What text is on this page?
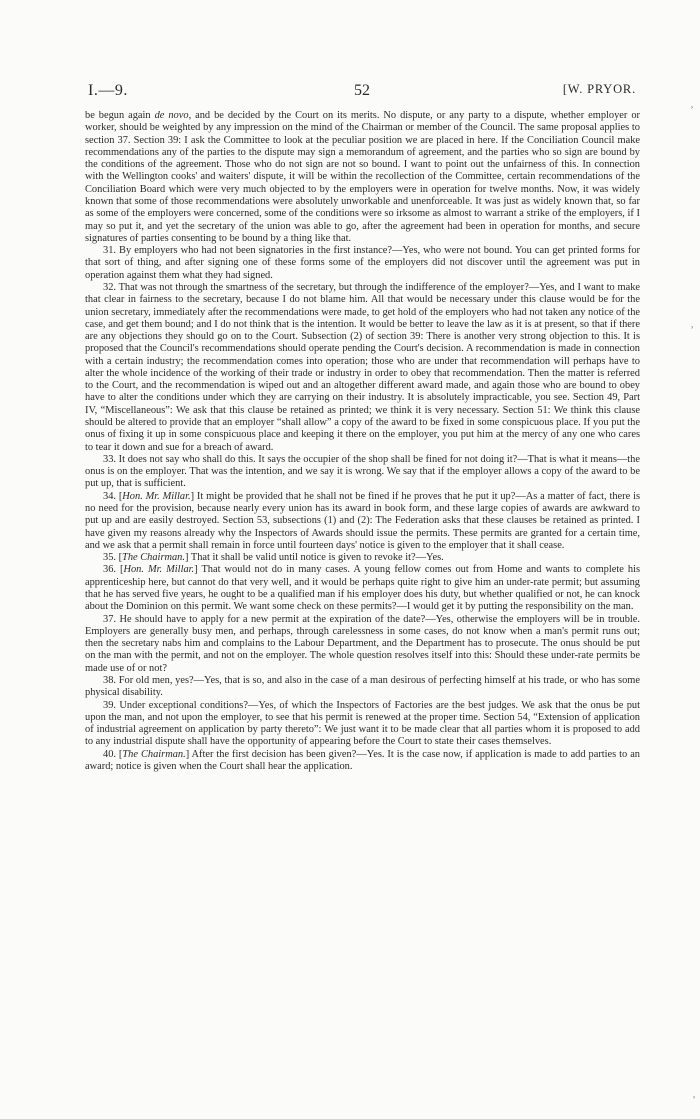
I.—9.	52	[W. PRYOR.

be begun again de novo, and be decided by the Court on its merits. No dispute, or any party to a dispute, whether employer or worker, should be weighted by any impression on the mind of the Chairman or member of the Council. The same proposal applies to section 37. Section 39: I ask the Committee to look at the peculiar position we are placed in here. If the Conciliation Council make recommendations any of the parties to the dispute may sign a memorandum of agreement, and the parties who so sign are bound by the conditions of the agreement. Those who do not sign are not so bound. I want to point out the unfairness of this. In connection with the Wellington cooks' and waiters' dispute, it will be within the recollection of the Committee, certain recommendations of the Conciliation Board which were very much objected to by the employers were in operation for twelve months. Now, it was widely known that some of those recommendations were absolutely unworkable and unenforceable. It was just as widely known that, so far as some of the employers were concerned, some of the conditions were so irksome as almost to warrant a strike of the employers, if I may so put it, and yet the secretary of the union was able to go, after the agreement had been in operation for months, and secure signatures of parties consenting to be bound by a thing like that.

31. By employers who had not been signatories in the first instance?—Yes, who were not bound. You can get printed forms for that sort of thing, and after signing one of these forms some of the employers did not discover until the agreement was put in operation against them what they had signed.

32. That was not through the smartness of the secretary, but through the indifference of the employer?—Yes, and I want to make that clear in fairness to the secretary, because I do not blame him. All that would be necessary under this clause would be for the union secretary, immediately after the recommendations were made, to get hold of the employers who had not taken any notice of the case, and get them bound; and I do not think that is the intention. It would be better to leave the law as it is at present, so that if there are any objections they should go on to the Court. Subsection (2) of section 39: There is another very strong objection to this. It is proposed that the Council's recommendations should operate pending the Court's decision. A recommendation is made in connection with a certain industry; the recommendation comes into operation; those who are under that recommendation will perhaps have to alter the whole incidence of the working of their trade or industry in order to obey that recommendation. Then the matter is referred to the Court, and the recommendation is wiped out and an altogether different award made, and again those who are bound to obey have to alter the conditions under which they are carrying on their industry. It is absolutely impracticable, you see. Section 49, Part IV, “Miscellaneous”: We ask that this clause be retained as printed; we think it is very necessary. Section 51: We think this clause should be altered to provide that an employer “shall allow” a copy of the award to be fixed in some conspicuous place. If you put the onus of fixing it up in some conspicuous place and keeping it there on the employer, you put him at the mercy of any one who cares to tear it down and sue for a breach of award.

33. It does not say who shall do this. It says the occupier of the shop shall be fined for not doing it?—That is what it means—the onus is on the employer. That was the intention, and we say it is wrong. We say that if the employer allows a copy of the award to be put up, that is sufficient.

34. [Hon. Mr. Millar.] It might be provided that he shall not be fined if he proves that he put it up?—As a matter of fact, there is no need for the provision, because nearly every union has its award in book form, and these large copies of awards are awkward to put up and are easily destroyed. Section 53, subsections (1) and (2): The Federation asks that these clauses be retained as printed. I have given my reasons already why the Inspectors of Awards should issue the permits. These permits are granted for a certain time, and we ask that a permit shall remain in force until fourteen days' notice is given to the employer that it shall cease.

35. [The Chairman.] That it shall be valid until notice is given to revoke it?—Yes.

36. [Hon. Mr. Millar.] That would not do in many cases. A young fellow comes out from Home and wants to complete his apprenticeship here, but cannot do that very well, and it would be perhaps quite right to give him an under-rate permit; but assuming that he has served five years, he ought to be a qualified man if his employer does his duty, but whether qualified or not, he can knock about the Dominion on this permit. We want some check on these permits?—I would get it by putting the responsibility on the man.

37. He should have to apply for a new permit at the expiration of the date?—Yes, otherwise the employers will be in trouble. Employers are generally busy men, and perhaps, through carelessness in some cases, do not know when a man's permit runs out; then the secretary nabs him and complains to the Labour Department, and the Department has to prosecute. The onus should be put on the man with the permit, and not on the employer. The whole question resolves itself into this: Should these under-rate permits be made use of or not?

38. For old men, yes?—Yes, that is so, and also in the case of a man desirous of perfecting himself at his trade, or who has some physical disability.

39. Under exceptional conditions?—Yes, of which the Inspectors of Factories are the best judges. We ask that the onus be put upon the man, and not upon the employer, to see that his permit is renewed at the proper time. Section 54, “Extension of application of industrial agreement on application by party thereto”: We just want it to be made clear that all parties whom it is proposed to add to any industrial dispute shall have the opportunity of appearing before the Court to state their cases themselves.

40. [The Chairman.] After the first decision has been given?—Yes. It is the case now, if application is made to add parties to an award; notice is given when the Court shall hear the application.

˒
˒
˒
